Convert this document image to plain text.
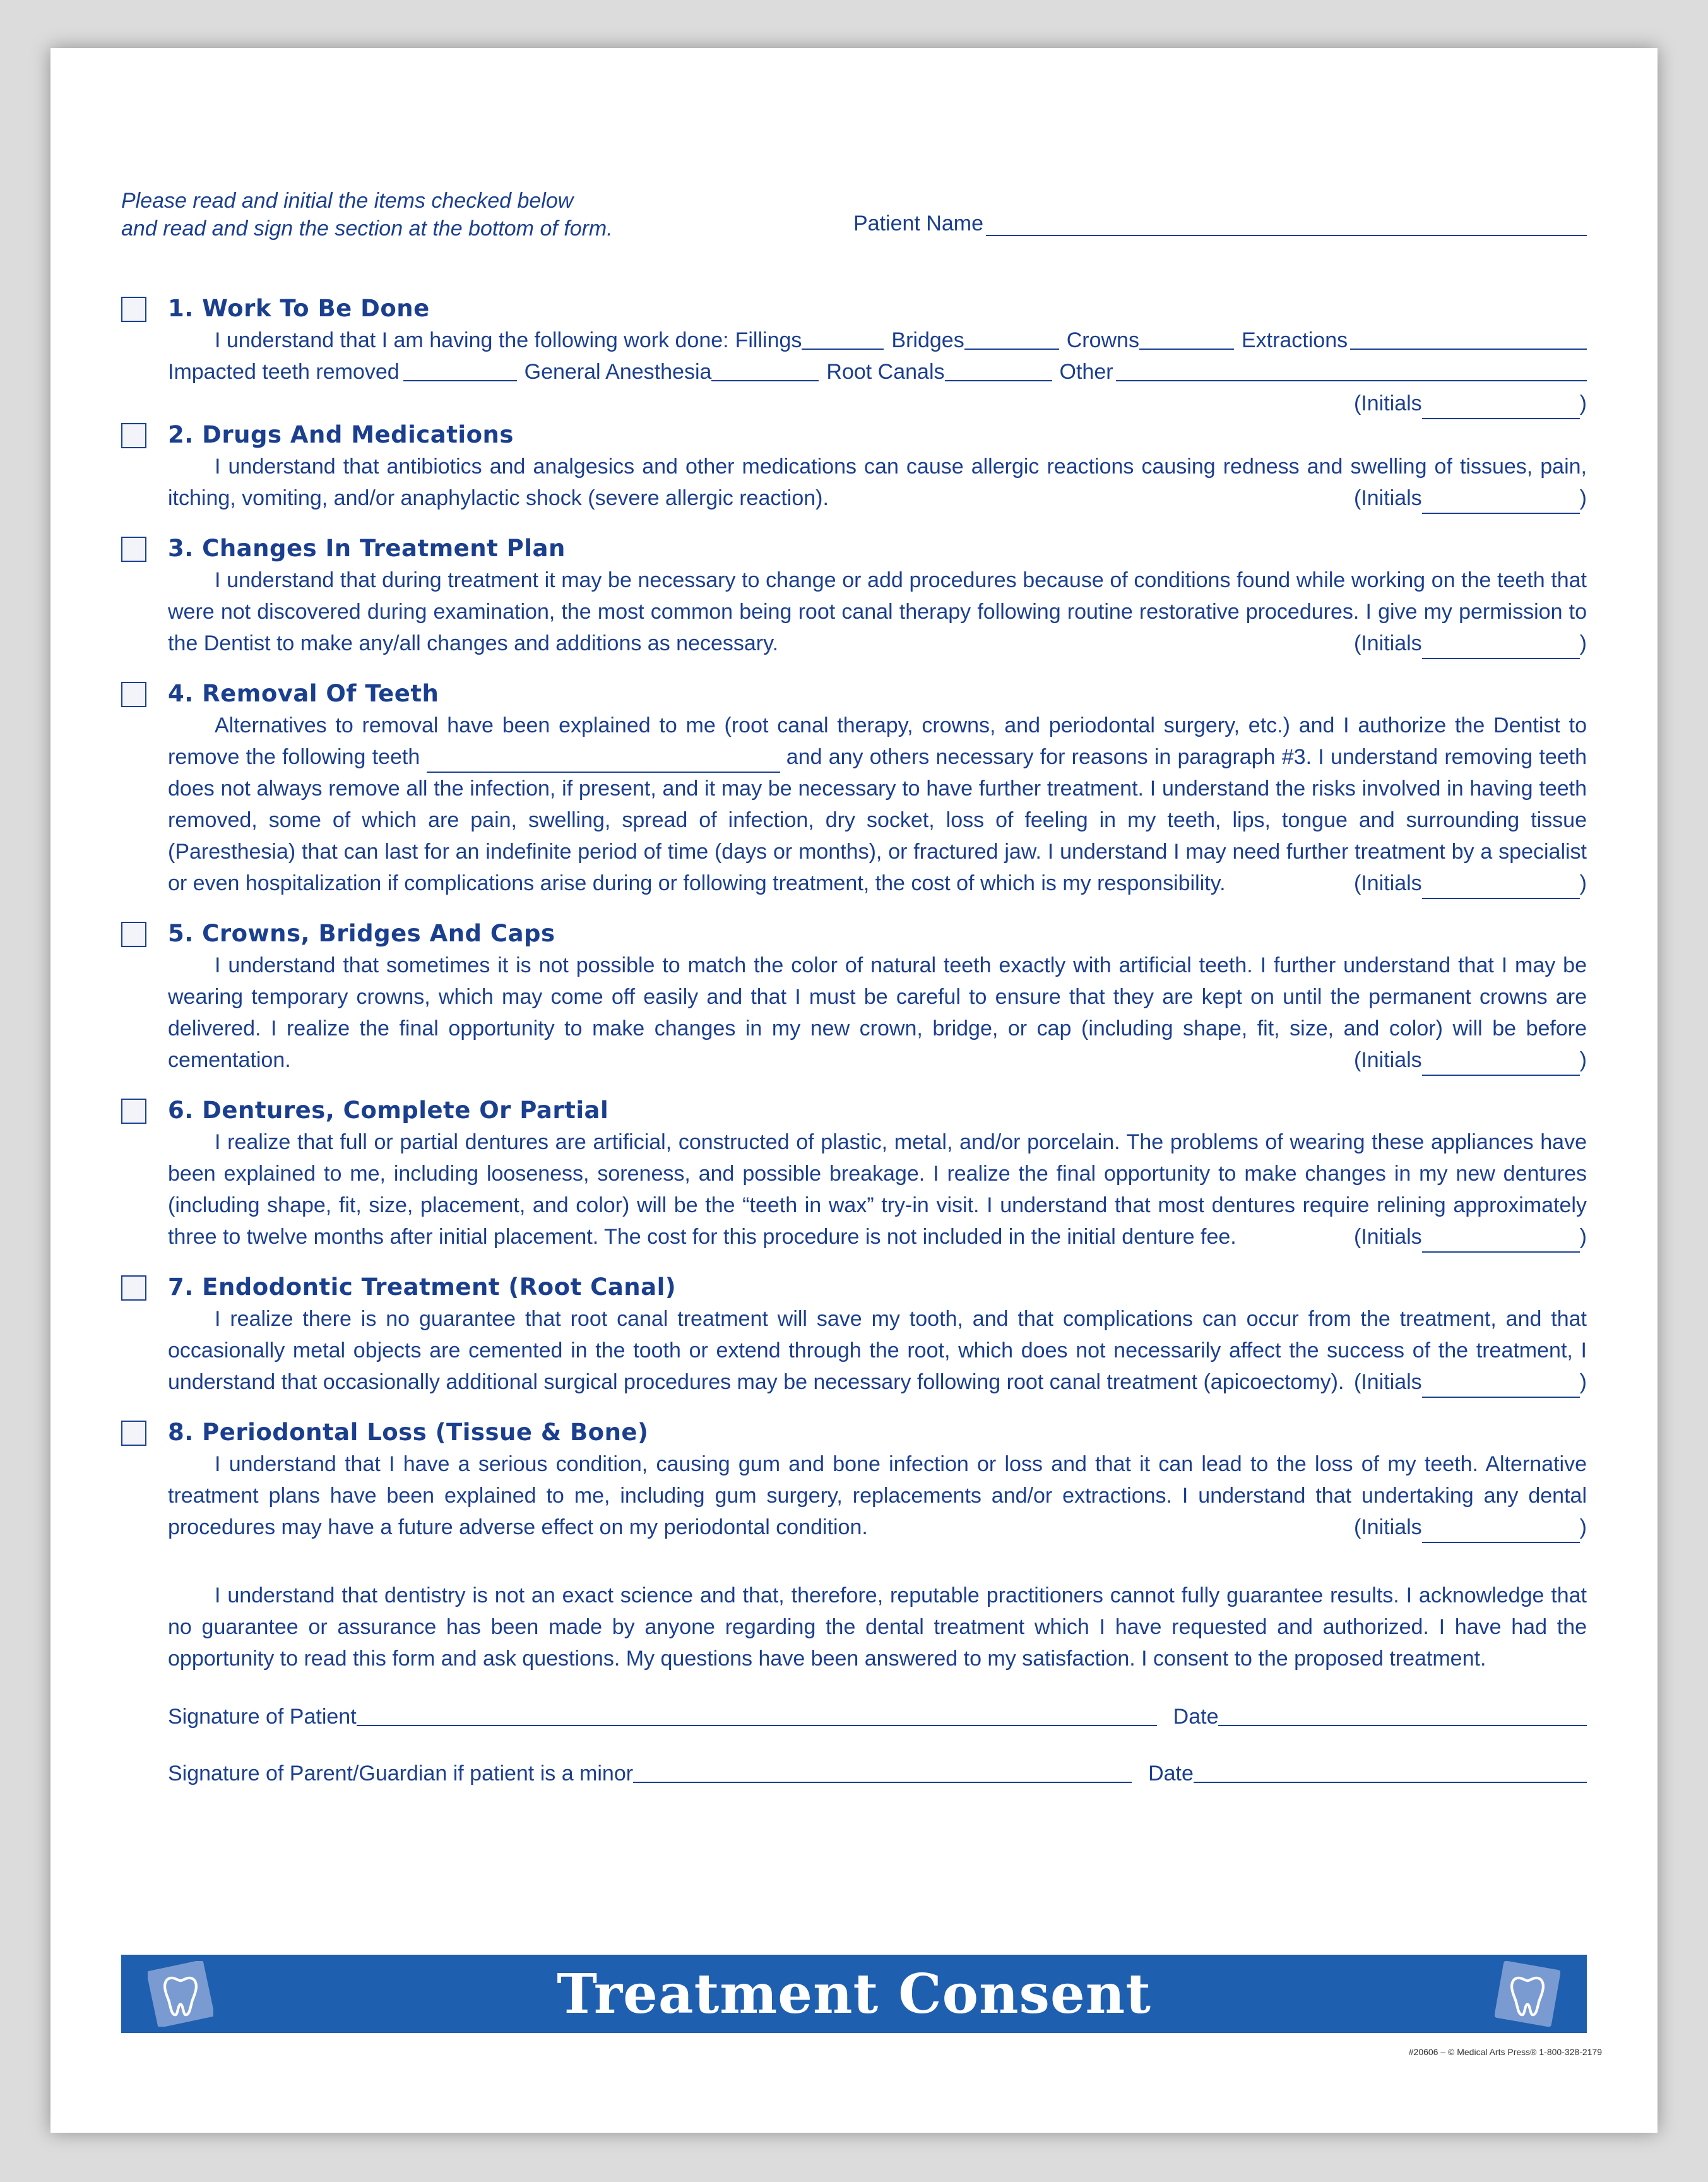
Please read and initial the items checked below
and read and sign the section at the bottom of form.	Patient Name
1. Work To Be Done
I understand that I am having the following work done: Fillings	Bridges	Crowns	Extractions
Impacted teeth removed	General Anesthesia	Root Canals	Other
(Initials	)
2. Drugs And Medications
I understand that antibiotics and analgesics and other medications can cause allergic reactions causing redness and swelling of tissues, pain, itching, vomiting, and/or anaphylactic shock (severe allergic reaction).	(Initials	)
3. Changes In Treatment Plan
I understand that during treatment it may be necessary to change or add procedures because of conditions found while working on the teeth that were not discovered during examination, the most common being root canal therapy following routine restorative procedures. I give my permission to the Dentist to make any/all changes and additions as necessary.	(Initials	)
4. Removal Of Teeth
Alternatives to removal have been explained to me (root canal therapy, crowns, and periodontal surgery, etc.) and I authorize the Dentist to remove the following teeth	and any others necessary for reasons in paragraph #3. I understand removing teeth does not always remove all the infection, if present, and it may be necessary to have further treatment. I understand the risks involved in having teeth removed, some of which are pain, swelling, spread of infection, dry socket, loss of feeling in my teeth, lips, tongue and surrounding tissue (Paresthesia) that can last for an indefinite period of time (days or months), or fractured jaw. I understand I may need further treatment by a specialist or even hospitalization if complications arise during or following treatment, the cost of which is my responsibility.	(Initials	)
5. Crowns, Bridges And Caps
I understand that sometimes it is not possible to match the color of natural teeth exactly with artificial teeth. I further understand that I may be wearing temporary crowns, which may come off easily and that I must be careful to ensure that they are kept on until the permanent crowns are delivered. I realize the final opportunity to make changes in my new crown, bridge, or cap (including shape, fit, size, and color) will be before cementation.	(Initials	)
6. Dentures, Complete Or Partial
I realize that full or partial dentures are artificial, constructed of plastic, metal, and/or porcelain. The problems of wearing these appliances have been explained to me, including looseness, soreness, and possible breakage. I realize the final opportunity to make changes in my new dentures (including shape, fit, size, placement, and color) will be the “teeth in wax” try-in visit. I understand that most dentures require relining approximately three to twelve months after initial placement. The cost for this procedure is not included in the initial denture fee.	(Initials	)
7. Endodontic Treatment (Root Canal)
I realize there is no guarantee that root canal treatment will save my tooth, and that complications can occur from the treatment, and that occasionally metal objects are cemented in the tooth or extend through the root, which does not necessarily affect the success of the treatment, I understand that occasionally additional surgical procedures may be necessary following root canal treatment (apicoectomy). (Initials	)
8. Periodontal Loss (Tissue & Bone)
I understand that I have a serious condition, causing gum and bone infection or loss and that it can lead to the loss of my teeth. Alternative treatment plans have been explained to me, including gum surgery, replacements and/or extractions. I understand that undertaking any dental procedures may have a future adverse effect on my periodontal condition.	(Initials	)
I understand that dentistry is not an exact science and that, therefore, reputable practitioners cannot fully guarantee results. I acknowledge that no guarantee or assurance has been made by anyone regarding the dental treatment which I have requested and authorized. I have had the opportunity to read this form and ask questions. My questions have been answered to my satisfaction. I consent to the proposed treatment.
Signature of Patient	Date
Signature of Parent/Guardian if patient is a minor	Date
Treatment Consent
#20606 – © Medical Arts Press® 1-800-328-2179
